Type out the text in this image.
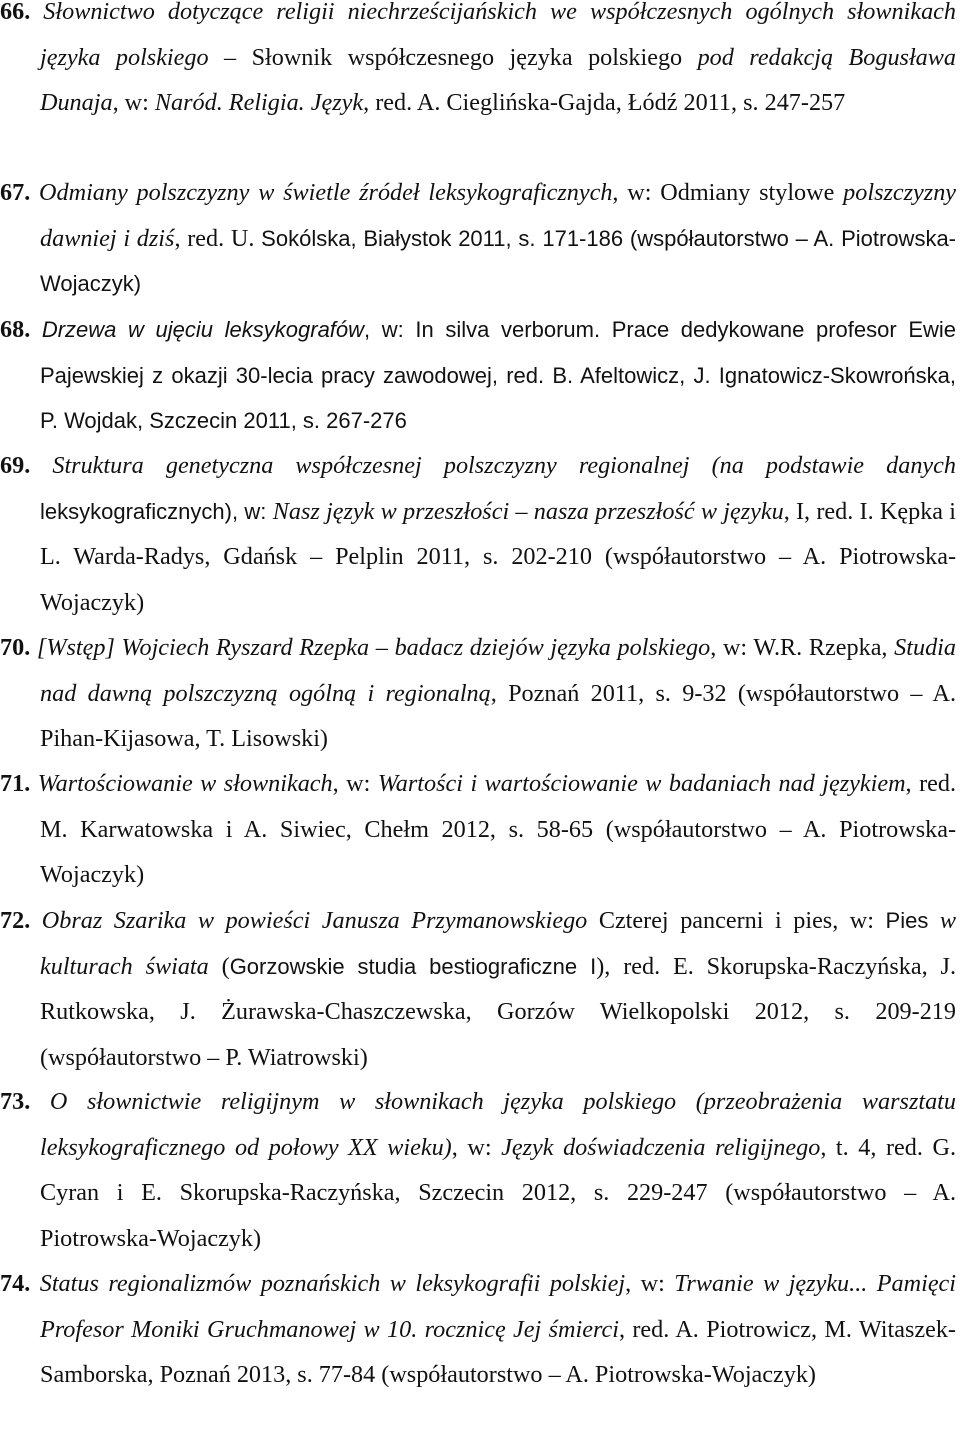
66. Słownictwo dotyczące religii niechrześcijańskich we współczesnych ogólnych słownikach języka polskiego – Słownik współczesnego języka polskiego pod redakcją Bogusława Dunaja, w: Naród. Religia. Język, red. A. Cieglińska-Gajda, Łódź 2011, s. 247-257
67. Odmiany polszczyzny w świetle źródeł leksykograficznych, w: Odmiany stylowe polszczyzny dawniej i dziś, red. U. Sokólska, Białystok 2011, s. 171-186 (współautorstwo – A. Piotrowska-Wojaczyk)
68. Drzewa w ujęciu leksykografów, w: In silva verborum. Prace dedykowane profesor Ewie Pajewskiej z okazji 30-lecia pracy zawodowej, red. B. Afeltowicz, J. Ignatowicz-Skowrońska, P. Wojdak, Szczecin 2011, s. 267-276
69. Struktura genetyczna współczesnej polszczyzny regionalnej (na podstawie danych leksykograficznych), w: Nasz język w przeszłości – nasza przeszłość w języku, I, red. I. Kępka i L. Warda-Radys, Gdańsk – Pelplin 2011, s. 202-210 (współautorstwo – A. Piotrowska-Wojaczyk)
70. [Wstęp] Wojciech Ryszard Rzepka – badacz dziejów języka polskiego, w: W.R. Rzepka, Studia nad dawną polszczyzną ogólną i regionalną, Poznań 2011, s. 9-32 (współautorstwo – A. Pihan-Kijasowa, T. Lisowski)
71. Wartościowanie w słownikach, w: Wartości i wartościowanie w badaniach nad językiem, red. M. Karwatowska i A. Siwiec, Chełm 2012, s. 58-65 (współautorstwo – A. Piotrowska-Wojaczyk)
72. Obraz Szarika w powieści Janusza Przymanowskiego Czterej pancerni i pies, w: Pies w kulturach świata (Gorzowskie studia bestiograficzne I), red. E. Skorupska-Raczyńska, J. Rutkowska, J. Żurawska-Chaszczewska, Gorzów Wielkopolski 2012, s. 209-219 (współautorstwo – P. Wiatrowski)
73. O słownictwie religijnym w słownikach języka polskiego (przeobrażenia warsztatu leksykograficznego od połowy XX wieku), w: Język doświadczenia religijnego, t. 4, red. G. Cyran i E. Skorupska-Raczyńska, Szczecin 2012, s. 229-247 (współautorstwo – A. Piotrowska-Wojaczyk)
74. Status regionalizmów poznańskich w leksykografii polskiej, w: Trwanie w języku... Pamięci Profesor Moniki Gruchmanowej w 10. rocznicę Jej śmierci, red. A. Piotrowicz, M. Witaszek-Samborska, Poznań 2013, s. 77-84 (współautorstwo – A. Piotrowska-Wojaczyk)
